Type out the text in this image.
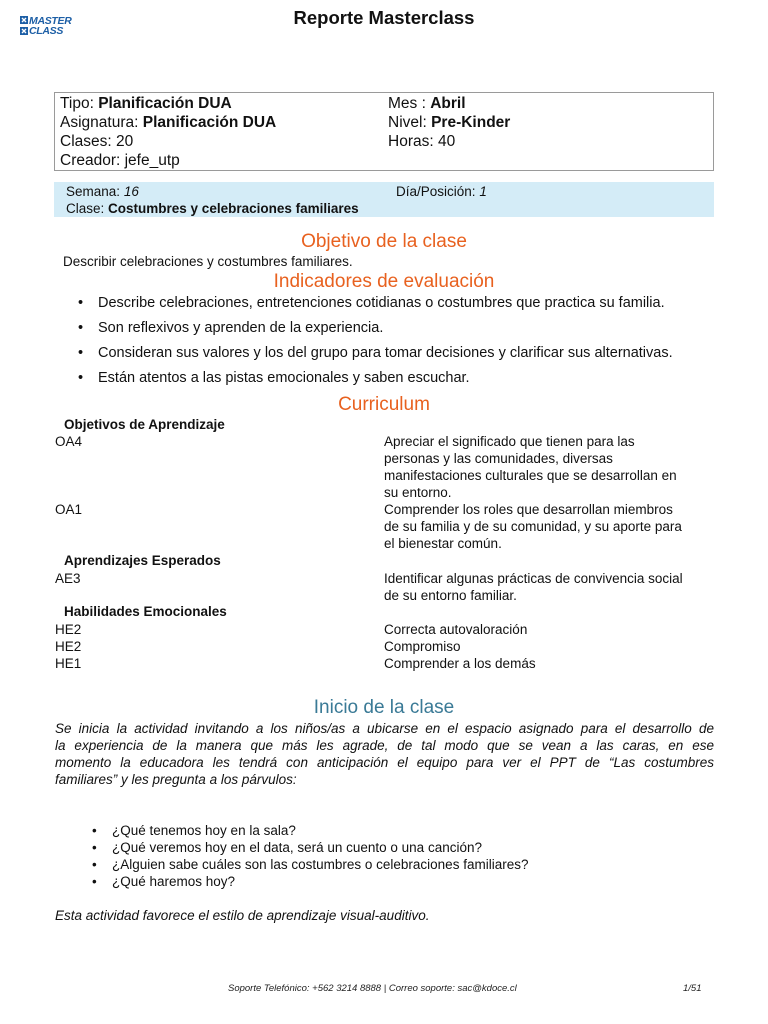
MASTER
CLASS
Reporte Masterclass
Tipo: Planificación DUA	Mes : Abril
Asignatura: Planificación DUA	Nivel: Pre-Kinder
Clases: 20	Horas: 40
Creador: jefe_utp
Semana: 16	Día/Posición: 1
Clase: Costumbres y celebraciones familiares
Objetivo de la clase
Describir celebraciones y costumbres familiares.
Indicadores de evaluación
• Describe celebraciones, entretenciones cotidianas o costumbres que practica su familia.
• Son reflexivos y aprenden de la experiencia.
• Consideran sus valores y los del grupo para tomar decisiones y clarificar sus alternativas.
• Están atentos a las pistas emocionales y saben escuchar.
Curriculum
Objetivos de Aprendizaje
OA4	Apreciar el significado que tienen para las
personas y las comunidades, diversas
manifestaciones culturales que se desarrollan en
su entorno.
OA1	Comprender los roles que desarrollan miembros
de su familia y de su comunidad, y su aporte para
el bienestar común.
Aprendizajes Esperados
AE3	Identificar algunas prácticas de convivencia social
de su entorno familiar.
Habilidades Emocionales
HE2	Correcta autovaloración
HE2	Compromiso
HE1	Comprender a los demás
Inicio de la clase
Se inicia la actividad invitando a los niños/as a ubicarse en el espacio asignado para el desarrollo de
la experiencia de la manera que más les agrade, de tal modo que se vean a las caras, en ese
momento la educadora les tendrá con anticipación el equipo para ver el PPT de “Las costumbres
familiares” y les pregunta a los párvulos:
• ¿Qué tenemos hoy en la sala?
• ¿Qué veremos hoy en el data, será un cuento o una canción?
• ¿Alguien sabe cuáles son las costumbres o celebraciones familiares?
• ¿Qué haremos hoy?
Esta actividad favorece el estilo de aprendizaje visual-auditivo.
Soporte Telefónico: +562 3214 8888 | Correo soporte: sac@kdoce.cl	1/51
